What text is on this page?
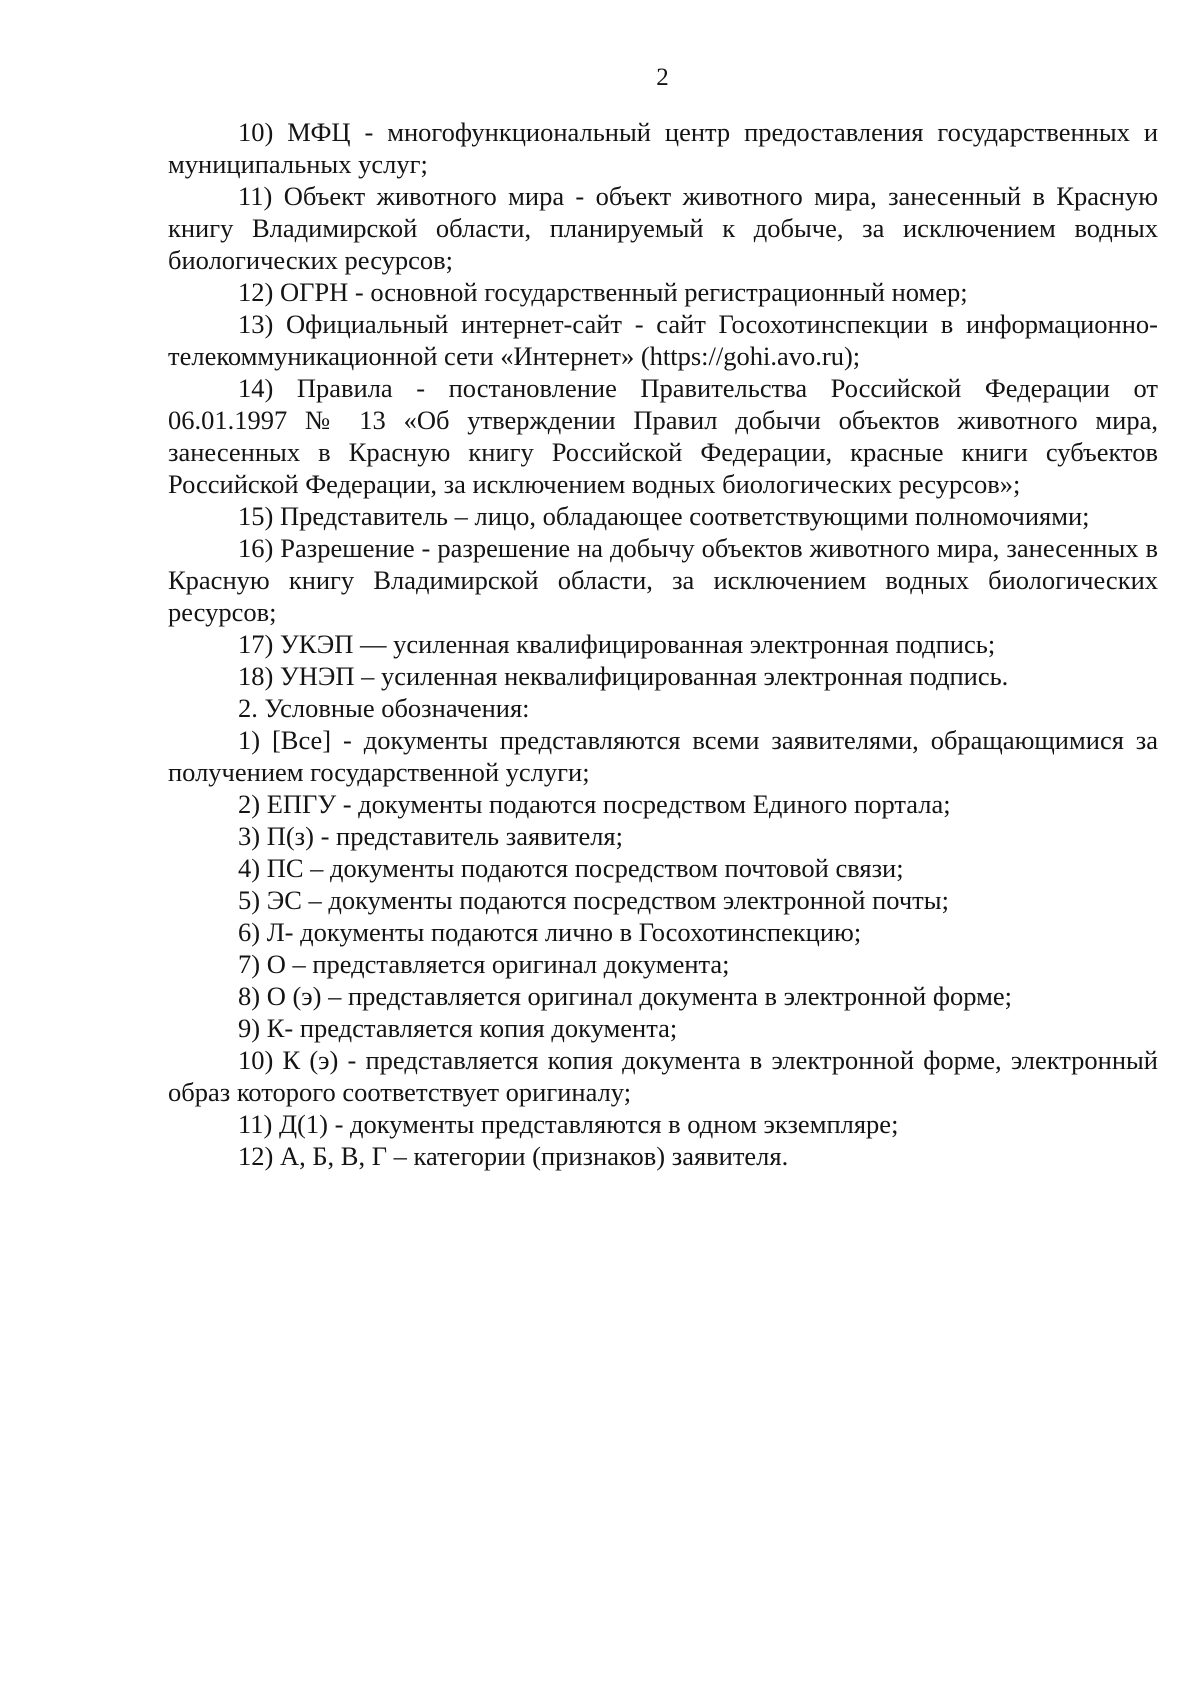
2

10) МФЦ - многофункциональный центр предоставления государственных и муниципальных услуг;

11) Объект животного мира - объект животного мира, занесенный в Красную книгу Владимирской области, планируемый к добыче, за исключением водных биологических ресурсов;

12) ОГРН - основной государственный регистрационный номер;

13) Официальный интернет-сайт - сайт Госохотинспекции в информационно-телекоммуникационной сети «Интернет» (https://gohi.avo.ru);

14) Правила - постановление Правительства Российской Федерации от 06.01.1997 № 13 «Об утверждении Правил добычи объектов животного мира, занесенных в Красную книгу Российской Федерации, красные книги субъектов Российской Федерации, за исключением водных биологических ресурсов»;

15) Представитель – лицо, обладающее соответствующими полномочиями;

16) Разрешение - разрешение на добычу объектов животного мира, занесенных в Красную книгу Владимирской области, за исключением водных биологических ресурсов;

17) УКЭП — усиленная квалифицированная электронная подпись;

18) УНЭП – усиленная неквалифицированная электронная подпись.

2. Условные обозначения:

1) [Все] - документы представляются всеми заявителями, обращающимися за получением государственной услуги;

2) ЕПГУ - документы подаются посредством Единого портала;

3) П(з) - представитель заявителя;

4) ПС – документы подаются посредством почтовой связи;

5) ЭС – документы подаются посредством электронной почты;

6) Л- документы подаются лично в Госохотинспекцию;

7) О – представляется оригинал документа;

8) О (э) – представляется оригинал документа в электронной форме;

9) К- представляется копия документа;

10) К (э) - представляется копия документа в электронной форме, электронный образ которого соответствует оригиналу;

11) Д(1) - документы представляются в одном экземпляре;

12) А, Б, В, Г – категории (признаков) заявителя.
